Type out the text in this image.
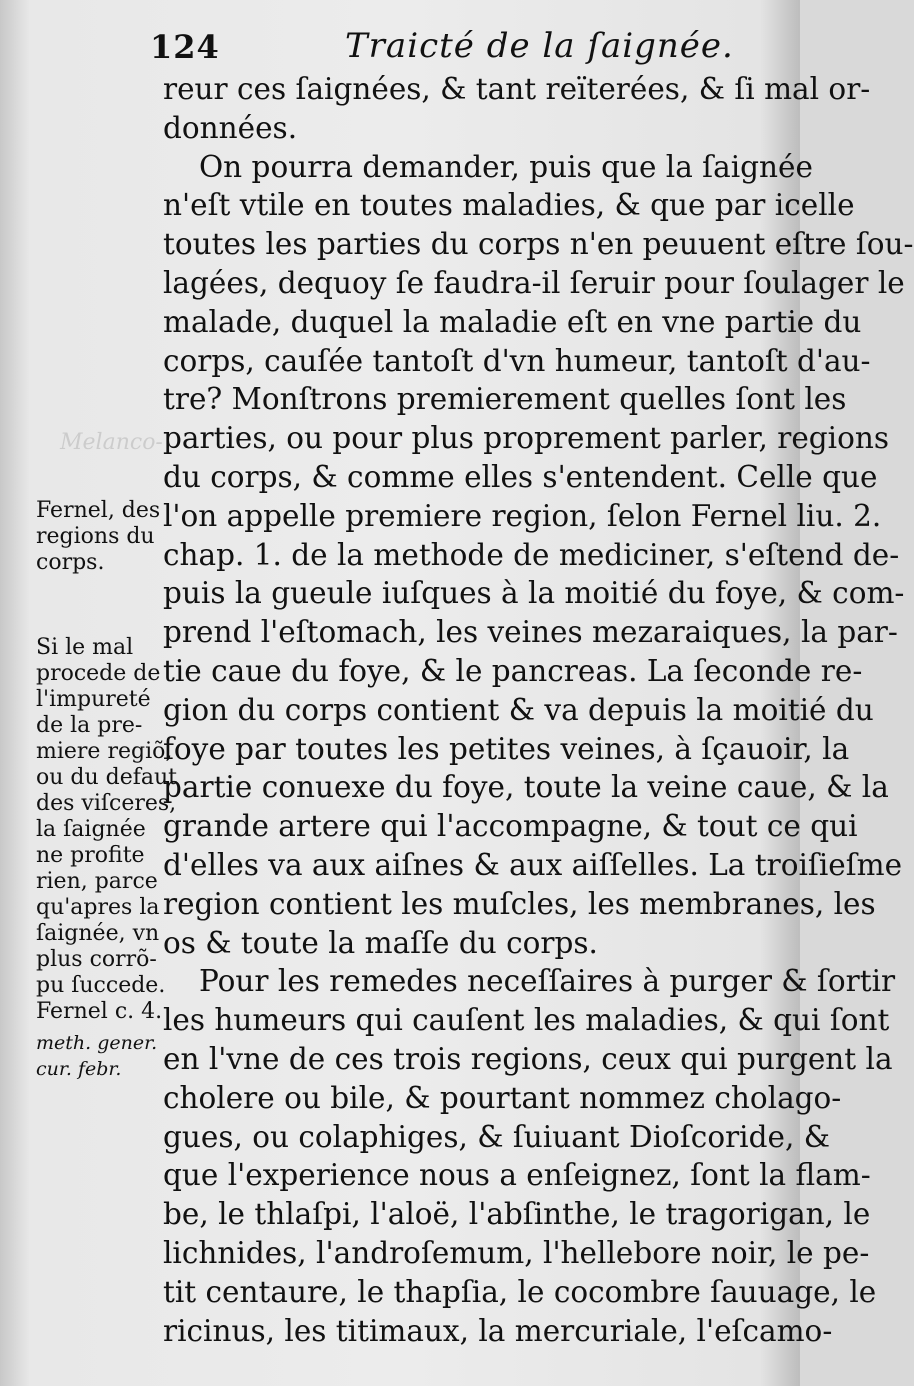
Melanco-
124	Traicté de la ſaignée.
reur ces ſaignées, & tant reïterées, & ſi mal or-
données.
On pourra demander, puis que la ſaignée
n'eſt vtile en toutes maladies, & que par icelle
toutes les parties du corps n'en peuuent eſtre ſou-
lagées, dequoy ſe faudra-il ſeruir pour ſoulager le
malade, duquel la maladie eſt en vne partie du
corps, cauſée tantoſt d'vn humeur, tantoſt d'au-
tre? Monſtrons premierement quelles ſont les
parties, ou pour plus proprement parler, regions
du corps, & comme elles s'entendent. Celle que
l'on appelle premiere region, ſelon Fernel liu. 2.
chap. 1. de la methode de mediciner, s'eſtend de-
puis la gueule iuſques à la moitié du foye, & com-
prend l'eſtomach, les veines mezaraiques, la par-
tie caue du foye, & le pancreas. La ſeconde re-
gion du corps contient & va depuis la moitié du
foye par toutes les petites veines, à ſçauoir, la
partie conuexe du foye, toute la veine caue, & la
grande artere qui l'accompagne, & tout ce qui
d'elles va aux aiſnes & aux aiſſelles. La troiſieſme
region contient les muſcles, les membranes, les
os & toute la maſſe du corps.
Pour les remedes neceſſaires à purger & ſortir
les humeurs qui cauſent les maladies, & qui ſont
en l'vne de ces trois regions, ceux qui purgent la
cholere ou bile, & pourtant nommez cholago-
gues, ou colaphiges, & ſuiuant Dioſcoride, &
que l'experience nous a enſeignez, ſont la flam-
be, le thlaſpi, l'aloë, l'abſinthe, le tragorigan, le
lichnides, l'androſemum, l'hellebore noir, le pe-
tit centaure, le thapſia, le cocombre ſauuage, le
ricinus, les titimaux, la mercuriale, l'eſcamo-
Fernel, des
regions du
corps.
Si le mal
procede de
l'impureté
de la pre-
miere regiõ,
ou du defaut
des viſceres,
la ſaignée
ne profite
rien, parce
qu'apres la
ſaignée, vn
plus corrõ-
pu ſuccede.
Fernel c. 4.
meth. gener.
cur. febr.
